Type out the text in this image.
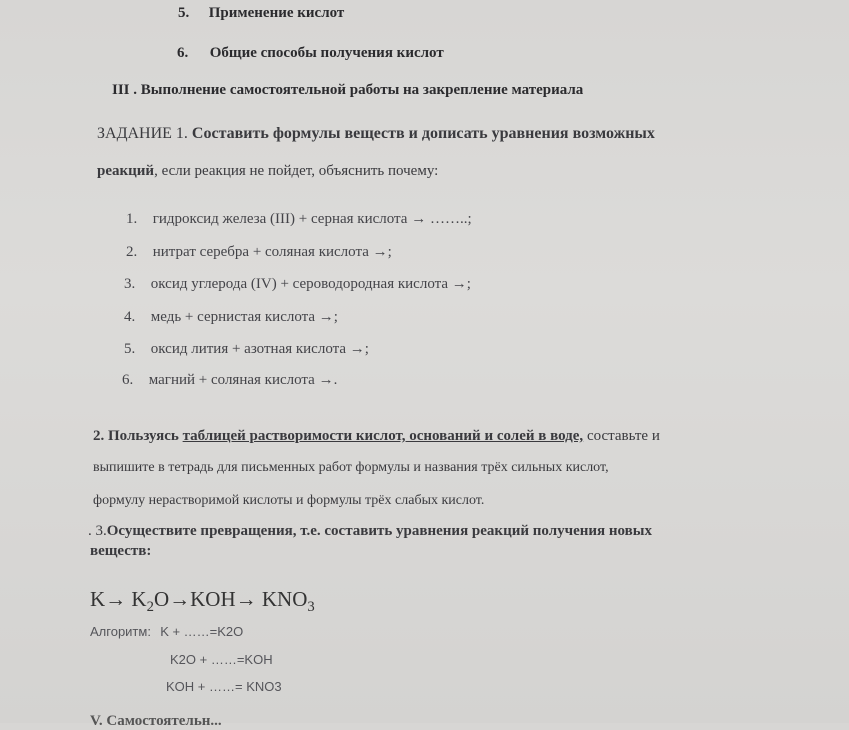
5. Применение кислот
6. Общие способы получения кислот
III . Выполнение самостоятельной работы на закрепление материала
ЗАДАНИЕ 1. Составить формулы веществ и дописать уравнения возможных
реакций, если реакция не пойдет, объяснить почему:
1. гидроксид железа (III) + серная кислота → ……..;
2. нитрат серебра + соляная кислота →;
3. оксид углерода (IV) + сероводородная кислота →;
4. медь + сернистая кислота →;
5. оксид лития + азотная кислота →;
6. магний + соляная кислота →.
2. Пользуясь таблицей растворимости кислот, оснований и солей в воде, составьте и
выпишите в тетрадь для письменных работ формулы и названия трёх сильных кислот,
формулу нерастворимой кислоты и формулы трёх слабых кислот.
. 3.Осуществите превращения, т.е. составить уравнения реакций получения новых
веществ:
$K\to K_2O\to KOH\to KNO_3$
Алгоритм: K + ……=K2O
K2O + ……=KOH
KOH + ……= KNO3
V. Самостоятельн...
